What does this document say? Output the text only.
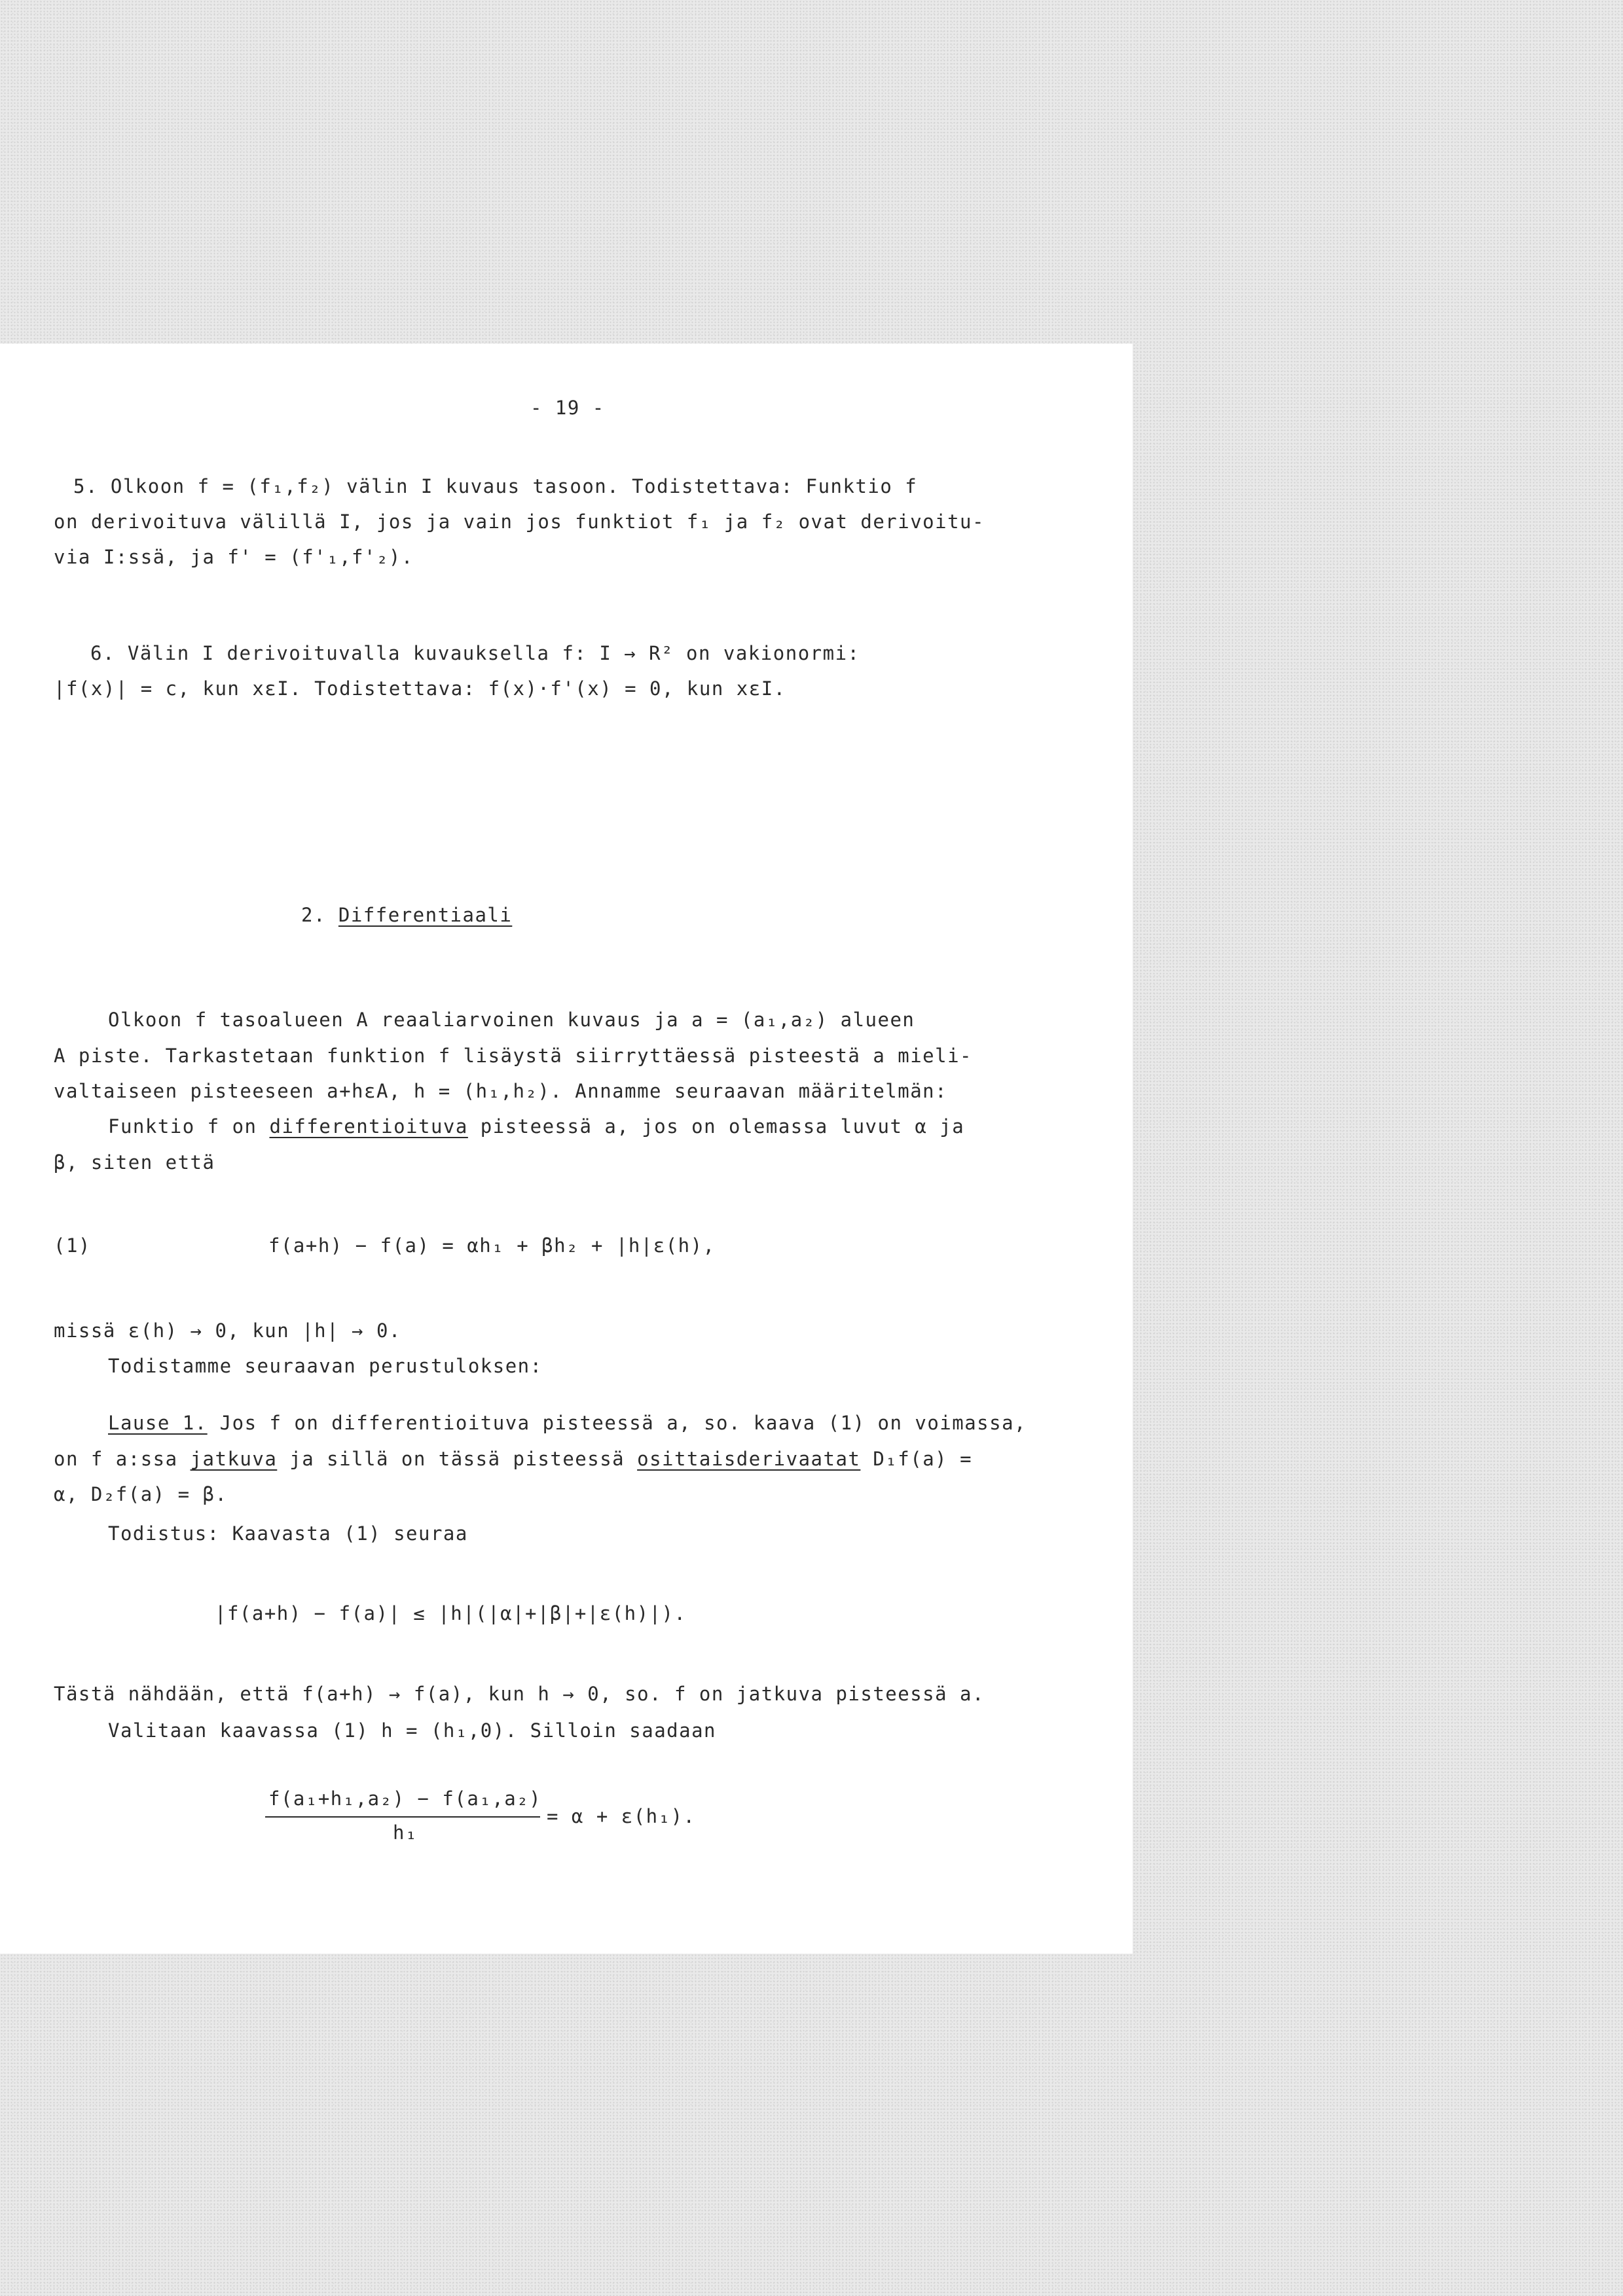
- 19 -
5. Olkoon f = (f₁,f₂) välin I kuvaus tasoon. Todistettava: Funktio f
on derivoituva välillä I, jos ja vain jos funktiot f₁ ja f₂ ovat derivoitu-
via I:ssä, ja f' = (f'₁,f'₂).
6. Välin I derivoituvalla kuvauksella f: I → R² on vakionormi:
|f(x)| = c, kun xεI. Todistettava: f(x)·f'(x) = 0, kun xεI.
2. Differentiaali
Olkoon f tasoalueen A reaaliarvoinen kuvaus ja a = (a₁,a₂) alueen
A piste. Tarkastetaan funktion f lisäystä siirryttäessä pisteestä a mieli-
valtaiseen pisteeseen a+hεA, h = (h₁,h₂). Annamme seuraavan määritelmän:
Funktio f on differentioituva pisteessä a, jos on olemassa luvut α ja
β, siten että
(1)	f(a+h) − f(a) = αh₁ + βh₂ + |h|ε(h),
missä ε(h) → 0, kun |h| → 0.
Todistamme seuraavan perustuloksen:
Lause 1. Jos f on differentioituva pisteessä a, so. kaava (1) on voimassa,
on f a:ssa jatkuva ja sillä on tässä pisteessä osittaisderivaatat D₁f(a) =
α, D₂f(a) = β.
Todistus: Kaavasta (1) seuraa
|f(a+h) − f(a)| ≤ |h|(|α|+|β|+|ε(h)|).
Tästä nähdään, että f(a+h) → f(a), kun h → 0, so. f on jatkuva pisteessä a.
Valitaan kaavassa (1) h = (h₁,0). Silloin saadaan
f(a₁+h₁,a₂) − f(a₁,a₂)
h₁
= α + ε(h₁).
